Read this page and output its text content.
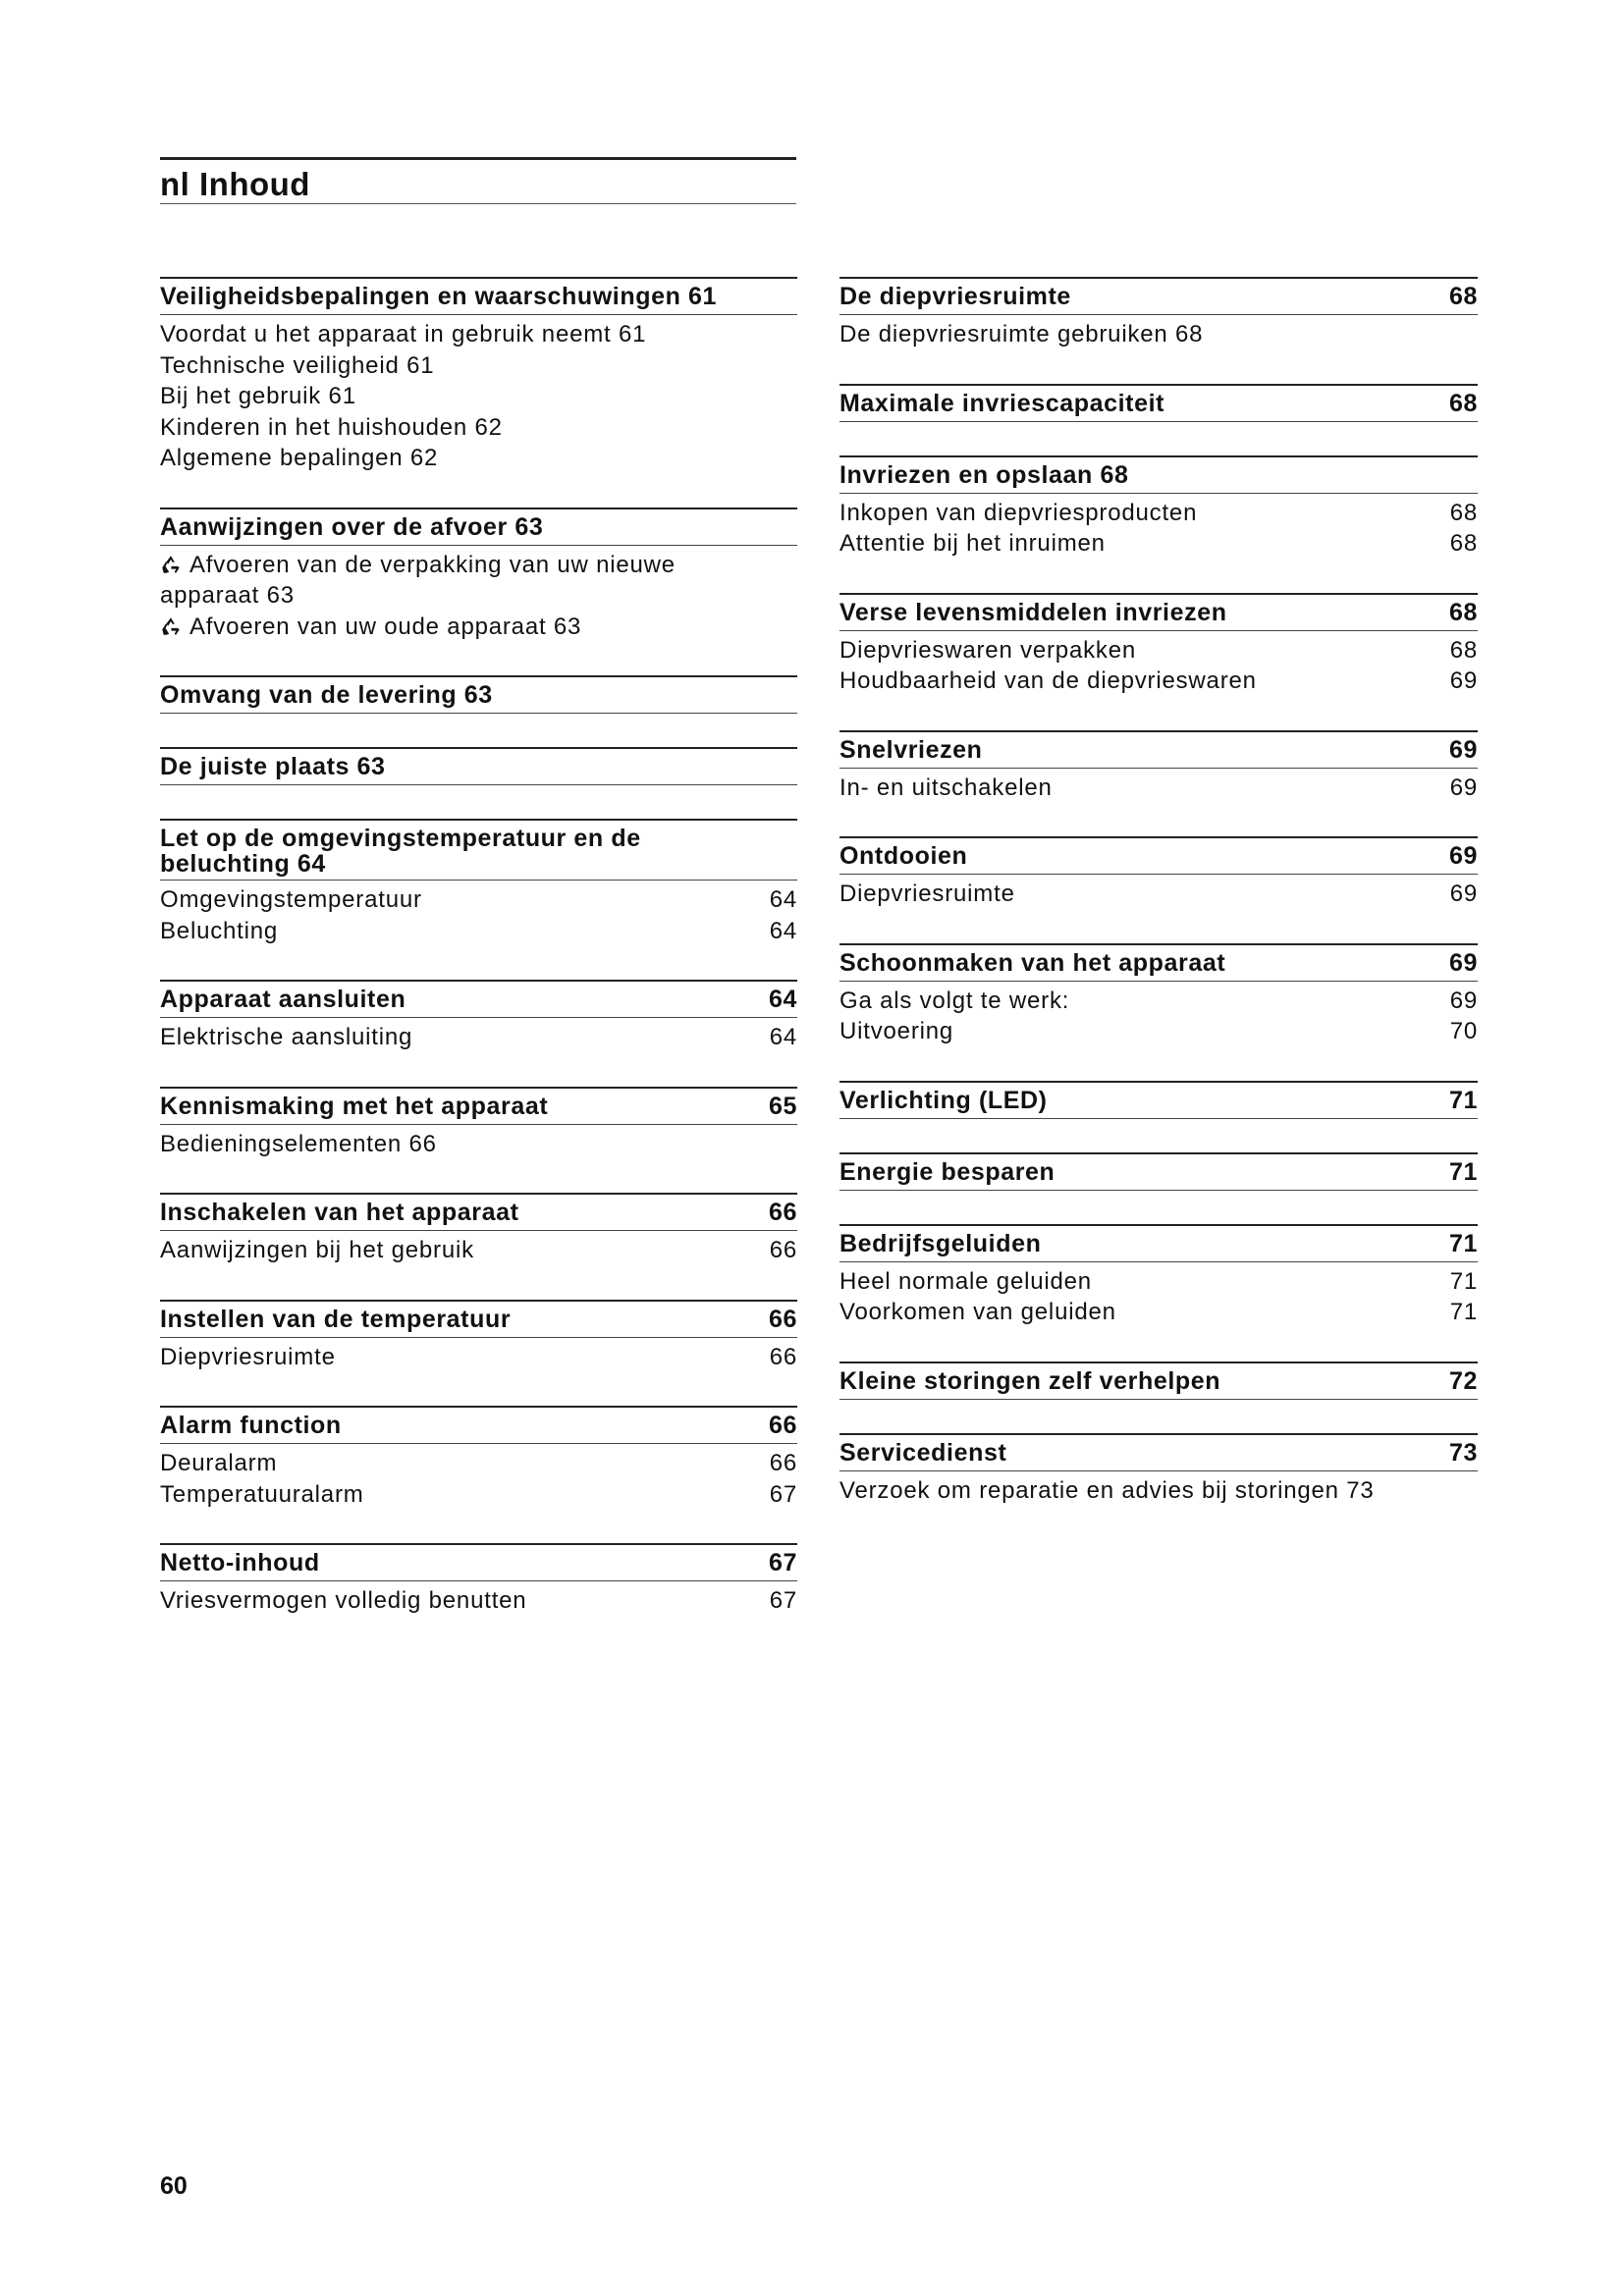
nl Inhoud
Veiligheidsbepalingen en waarschuwingen 61
Voordat u het apparaat in gebruik neemt 61
Technische veiligheid 61
Bij het gebruik 61
Kinderen in het huishouden 62
Algemene bepalingen 62
Aanwijzingen over de afvoer 63
Afvoeren van de verpakking van uw nieuwe
apparaat 63
Afvoeren van uw oude apparaat 63
Omvang van de levering 63
De juiste plaats 63
Let op de omgevingstemperatuur en de beluchting 64
Omgevingstemperatuur	64
Beluchting	64
Apparaat aansluiten	64
Elektrische aansluiting	64
Kennismaking met het apparaat	65
Bedieningselementen 66
Inschakelen van het apparaat	66
Aanwijzingen bij het gebruik	66
Instellen van de temperatuur	66
Diepvriesruimte	66
Alarm function	66
Deuralarm	66
Temperatuuralarm	67
Netto-inhoud	67
Vriesvermogen volledig benutten	67
De diepvriesruimte	68
De diepvriesruimte gebruiken 68
Maximale invriescapaciteit	68
Invriezen en opslaan 68
Inkopen van diepvriesproducten	68
Attentie bij het inruimen	68
Verse levensmiddelen invriezen	68
Diepvrieswaren verpakken	68
Houdbaarheid van de diepvrieswaren	69
Snelvriezen	69
In- en uitschakelen	69
Ontdooien	69
Diepvriesruimte	69
Schoonmaken van het apparaat	69
Ga als volgt te werk:	69
Uitvoering	70
Verlichting (LED)	71
Energie besparen	71
Bedrijfsgeluiden	71
Heel normale geluiden	71
Voorkomen van geluiden	71
Kleine storingen zelf verhelpen	72
Servicedienst	73
Verzoek om reparatie en advies bij storingen 73
60
